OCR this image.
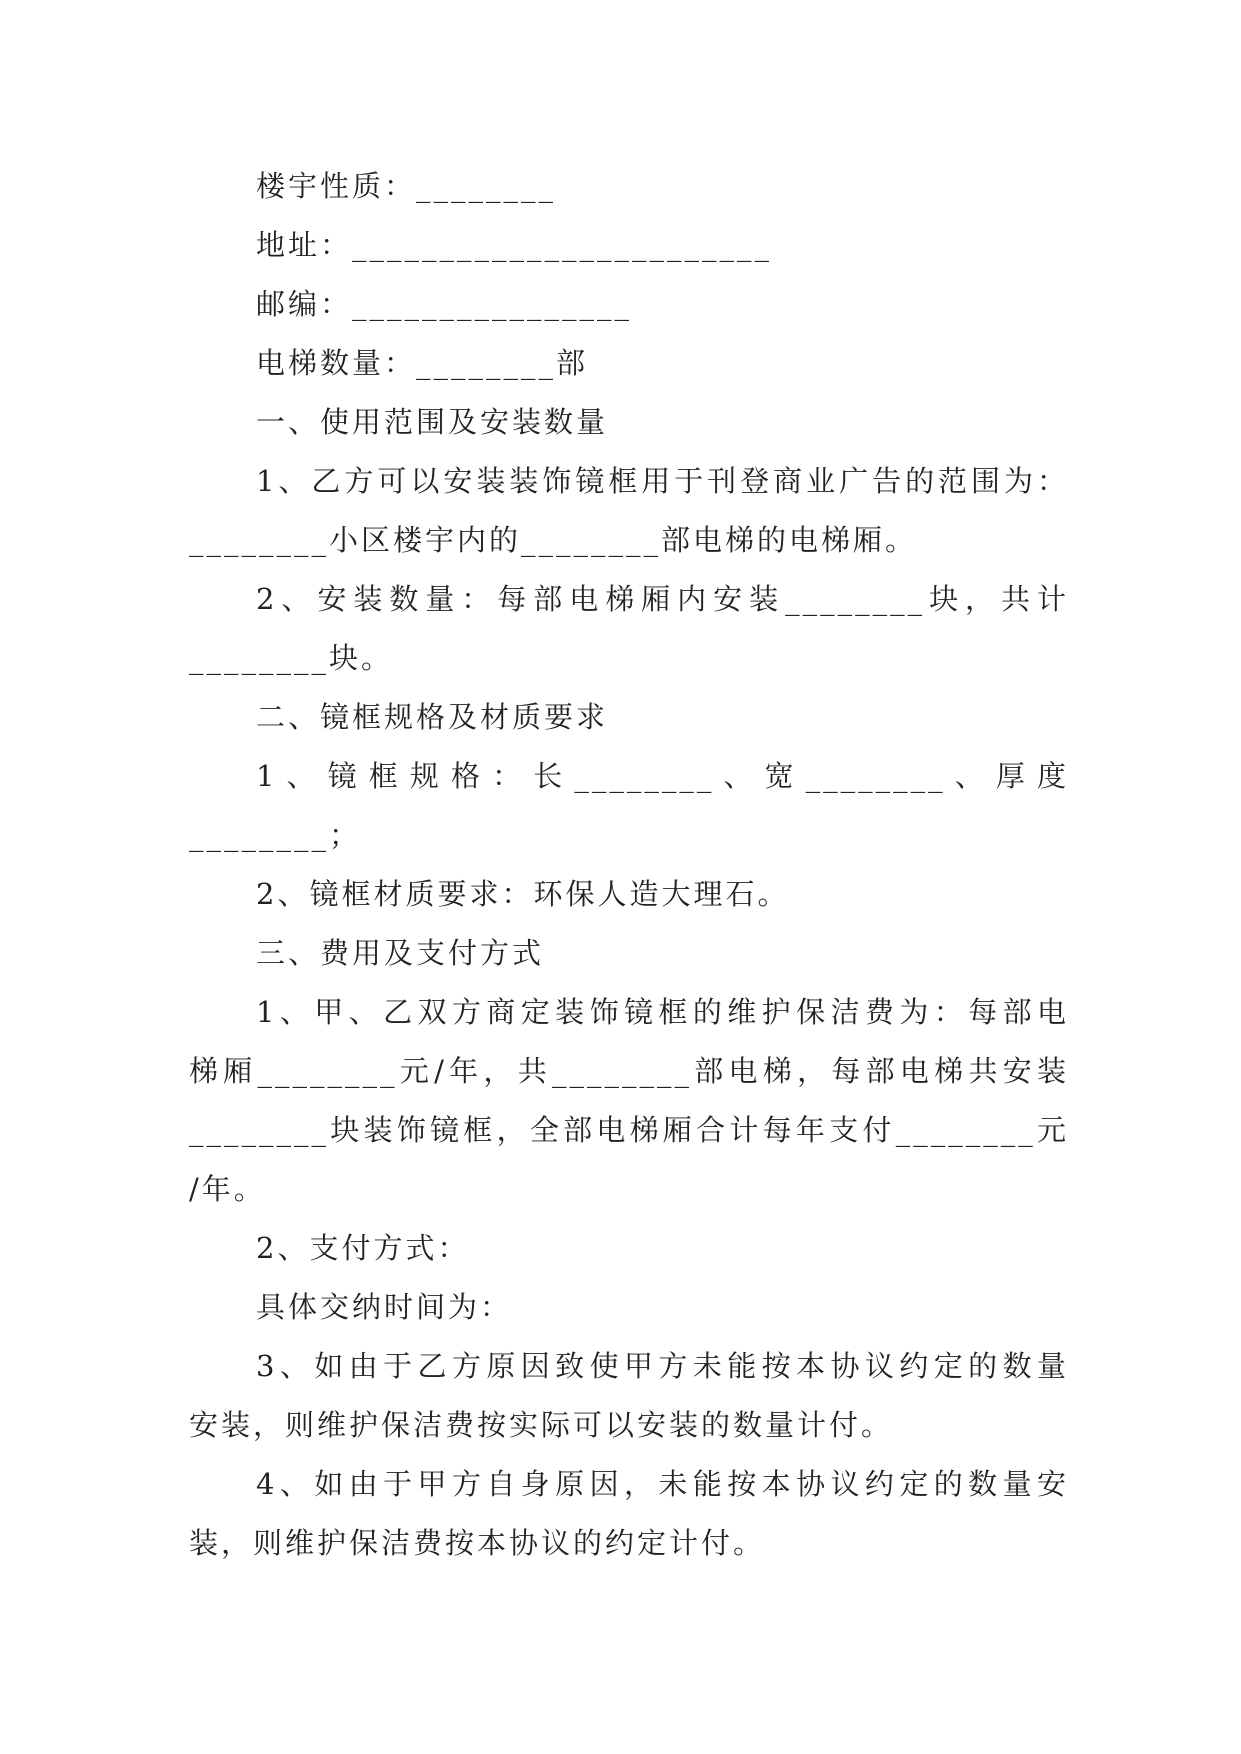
楼宇性质：________
地址：________________________
邮编：________________
电梯数量：________部
一、使用范围及安装数量
1、乙方可以安装装饰镜框用于刊登商业广告的范围为：
________小区楼宇内的________部电梯的电梯厢。
2、安装数量：每部电梯厢内安装________块，共计
________块。
二、镜框规格及材质要求
1、镜框规格：长________、宽________、厚度
________；
2、镜框材质要求：环保人造大理石。
三、费用及支付方式
1、甲、乙双方商定装饰镜框的维护保洁费为：每部电
梯厢________元/年，共________部电梯，每部电梯共安装
________块装饰镜框，全部电梯厢合计每年支付________元
/年。
2、支付方式：
具体交纳时间为：
3、如由于乙方原因致使甲方未能按本协议约定的数量
安装，则维护保洁费按实际可以安装的数量计付。
4、如由于甲方自身原因，未能按本协议约定的数量安
装，则维护保洁费按本协议的约定计付。
